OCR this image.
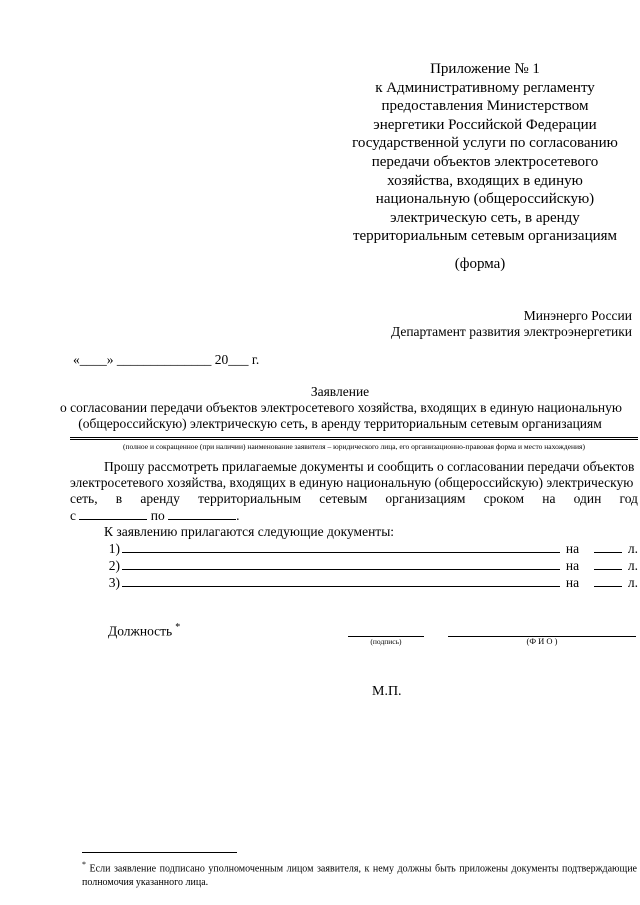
Приложение № 1
к Административному регламенту
предоставления Министерством
энергетики Российской Федерации
государственной услуги по согласованию
передачи объектов электросетевого
хозяйства, входящих в единую
национальную (общероссийскую)
электрическую сеть, в аренду
территориальным сетевым организациям
(форма)
Минэнерго России
Департамент развития электроэнергетики
«____» ______________ 20___ г.
Заявление
о согласовании передачи объектов электросетевого хозяйства, входящих в единую национальную
(общероссийскую) электрическую сеть, в аренду территориальным сетевым организациям
(полное и сокращенное (при наличии) наименование заявителя – юридического лица, его организационно-правовая форма и место нахождения)

Прошу рассмотреть прилагаемые документы и сообщить о согласовании передачи объектов

электросетевого хозяйства, входящих в единую национальную (общероссийскую) электрическую

сеть, в аренду территориальным сетевым организациям сроком на один год

с	по	.

К заявлению прилагаются следующие документы:

1)	на	л.
2)	на	л.
3)	на	л.
Должность *
(подпись)	(Ф И О )
М.П.
* Если заявление подписано уполномоченным лицом заявителя, к нему должны быть приложены документы подтверждающие полномочия указанного лица.
